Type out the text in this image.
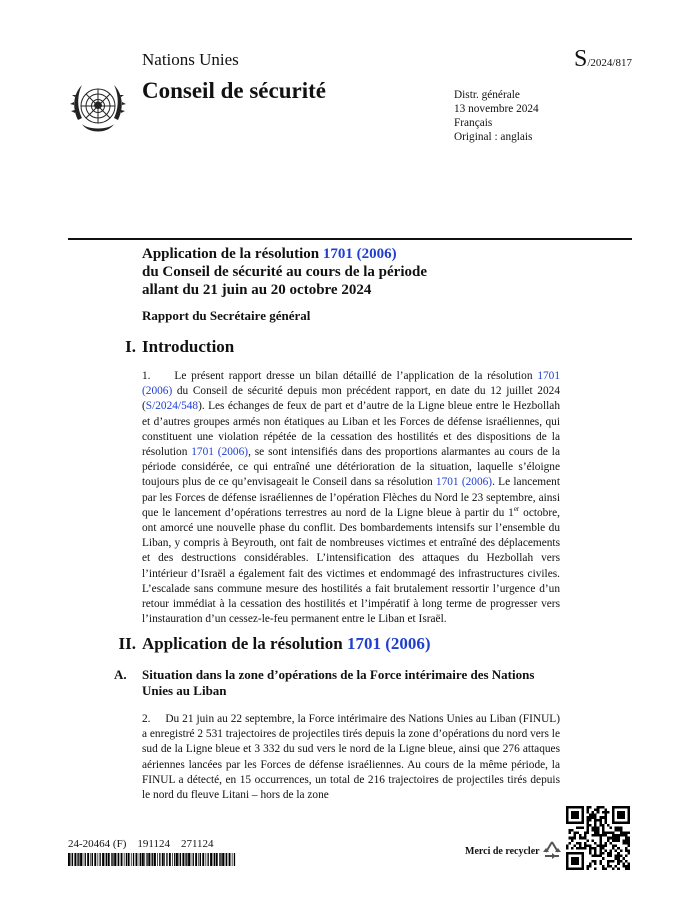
Nations Unies	S/2024/817
Conseil de sécurité	Distr. générale
13 novembre 2024
Français
Original : anglais
Application de la résolution 1701 (2006)
du Conseil de sécurité au cours de la période
allant du 21 juin au 20 octobre 2024
Rapport du Secrétaire général
I. Introduction
1. Le présent rapport dresse un bilan détaillé de l’application de la résolution 1701 (2006) du Conseil de sécurité depuis mon précédent rapport, en date du 12 juillet 2024 (S/2024/548). Les échanges de feux de part et d’autre de la Ligne bleue entre le Hezbollah et d’autres groupes armés non étatiques au Liban et les Forces de défense israéliennes, qui constituent une violation répétée de la cessation des hostilités et des dispositions de la résolution 1701 (2006), se sont intensifiés dans des proportions alarmantes au cours de la période considérée, ce qui entraîné une détérioration de la situation, laquelle s’éloigne toujours plus de ce qu’envisageait le Conseil dans sa résolution 1701 (2006). Le lancement par les Forces de défense israéliennes de l’opération Flèches du Nord le 23 septembre, ainsi que le lancement d’opérations terrestres au nord de la Ligne bleue à partir du 1er octobre, ont amorcé une nouvelle phase du conflit. Des bombardements intensifs sur l’ensemble du Liban, y compris à Beyrouth, ont fait de nombreuses victimes et entraîné des déplacements et des destructions considérables. L’intensification des attaques du Hezbollah vers l’intérieur d’Israël a également fait des victimes et endommagé des infrastructures civiles. L’escalade sans commune mesure des hostilités a fait brutalement ressortir l’urgence d’un retour immédiat à la cessation des hostilités et l’impératif à long terme de progresser vers l’instauration d’un cessez-le-feu permanent entre le Liban et Israël.
II. Application de la résolution 1701 (2006)
A. Situation dans la zone d’opérations de la Force intérimaire des Nations Unies au Liban
2. Du 21 juin au 22 septembre, la Force intérimaire des Nations Unies au Liban (FINUL) a enregistré 2 531 trajectoires de projectiles tirés depuis la zone d’opérations du nord vers le sud de la Ligne bleue et 3 332 du sud vers le nord de la Ligne bleue, ainsi que 276 attaques aériennes lancées par les Forces de défense israéliennes. Au cours de la même période, la FINUL a détecté, en 15 occurrences, un total de 216 trajectoires de projectiles tirés depuis le nord du fleuve Litani – hors de la zone
24-20464 (F)    191124    271124
Merci de recycler
